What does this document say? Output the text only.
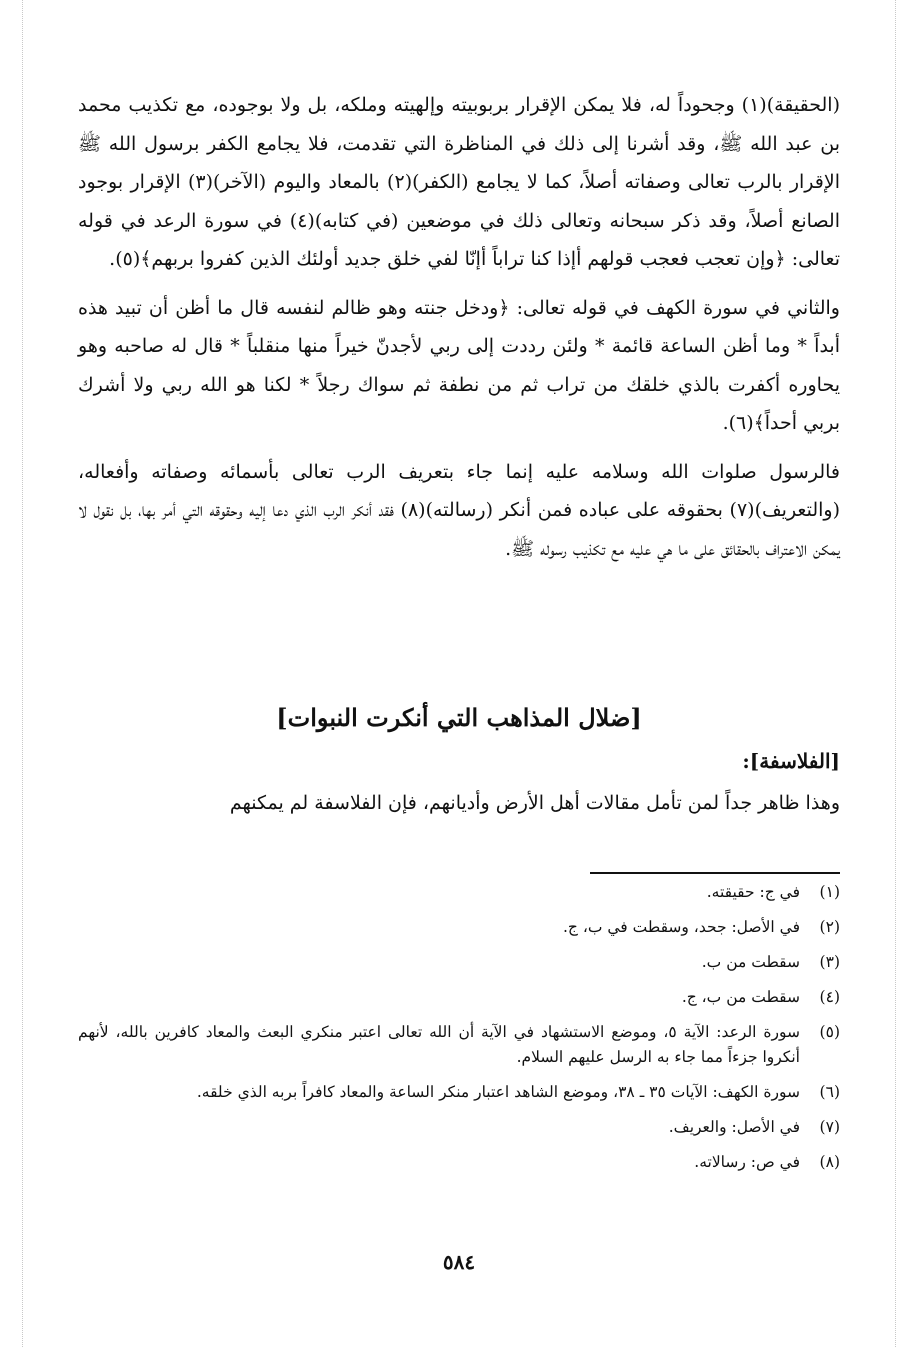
(الحقيقة)(١) وجحوداً له، فلا يمكن الإقرار بربوبيته وإلهيته وملكه، بل ولا بوجوده، مع تكذيب محمد بن عبد الله ﷺ، وقد أشرنا إلى ذلك في المناظرة التي تقدمت، فلا يجامع الكفر برسول الله ﷺ الإقرار بالرب تعالى وصفاته أصلاً، كما لا يجامع (الكفر)(٢) بالمعاد واليوم (الآخر)(٣) الإقرار بوجود الصانع أصلاً، وقد ذكر سبحانه وتعالى ذلك في موضعين (في كتابه)(٤) في سورة الرعد في قوله تعالى: ﴿وإن تعجب فعجب قولهم أإذا كنا تراباً أإنّا لفي خلق جديد أولئك الذين كفروا بربهم﴾(٥).

والثاني في سورة الكهف في قوله تعالى: ﴿ودخل جنته وهو ظالم لنفسه قال ما أظن أن تبيد هذه أبداً * وما أظن الساعة قائمة * ولئن رددت إلى ربي لأجدنّ خيراً منها منقلباً * قال له صاحبه وهو يحاوره أكفرت بالذي خلقك من تراب ثم من نطفة ثم سواك رجلاً * لكنا هو الله ربي ولا أشرك بربي أحداً﴾(٦).

فالرسول صلوات الله وسلامه عليه إنما جاء بتعريف الرب تعالى بأسمائه وصفاته وأفعاله، (والتعريف)(٧) بحقوقه على عباده فمن أنكر (رسالته)(٨) فقد أنكر الرب الذي دعا إليه وحقوقه التي أمر بها، بل نقول لا يمكن الاعتراف بالحقائق على ما هي عليه مع تكذيب رسوله ﷺ.

[ضلال المذاهب التي أنكرت النبوات]
[الفلاسفة]:
وهذا ظاهر جداً لمن تأمل مقالات أهل الأرض وأديانهم، فإن الفلاسفة لم يمكنهم
(١)
في ج: حقيقته.
(٢)
في الأصل: جحد، وسقطت في ب، ج.
(٣)
سقطت من ب.
(٤)
سقطت من ب، ج.
(٥)
سورة الرعد: الآية ٥، وموضع الاستشهاد في الآية أن الله تعالى اعتبر منكري البعث والمعاد كافرين بالله، لأنهم أنكروا جزءاً مما جاء به الرسل عليهم السلام.
(٦)
سورة الكهف: الآيات ٣٥ ـ ٣٨، وموضع الشاهد اعتبار منكر الساعة والمعاد كافراً بربه الذي خلقه.
(٧)
في الأصل: والعريف.
(٨)
في ص: رسالاته.
٥٨٤
